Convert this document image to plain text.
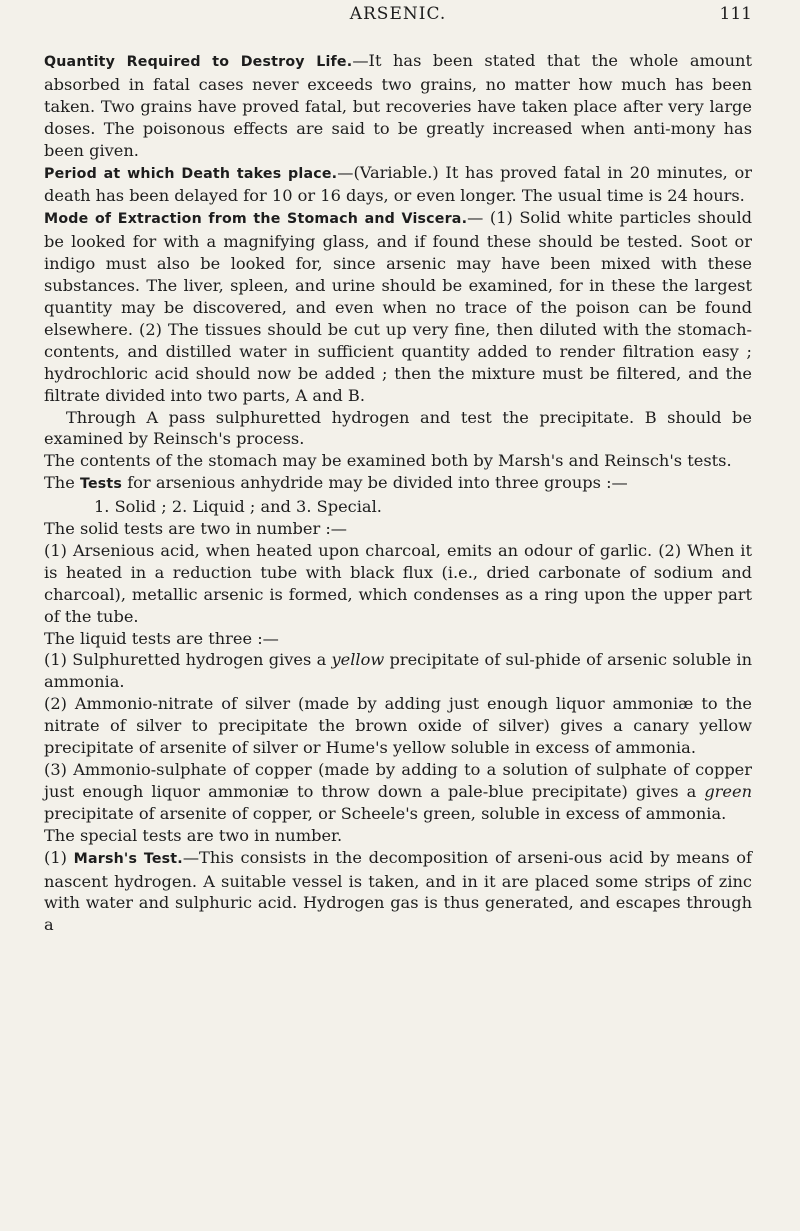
ARSENIC.	111

Quantity Required to Destroy Life.—It has been stated that the whole amount absorbed in fatal cases never exceeds two grains, no matter how much has been taken. Two grains have proved fatal, but recoveries have taken place after very large doses. The poisonous effects are said to be greatly increased when anti-mony has been given.

Period at which Death takes place.—(Variable.) It has proved fatal in 20 minutes, or death has been delayed for 10 or 16 days, or even longer. The usual time is 24 hours.

Mode of Extraction from the Stomach and Viscera.— (1) Solid white particles should be looked for with a magnifying glass, and if found these should be tested. Soot or indigo must also be looked for, since arsenic may have been mixed with these substances. The liver, spleen, and urine should be examined, for in these the largest quantity may be discovered, and even when no trace of the poison can be found elsewhere. (2) The tissues should be cut up very fine, then diluted with the stomach-contents, and distilled water in sufficient quantity added to render filtration easy ; hydrochloric acid should now be added ; then the mixture must be filtered, and the filtrate divided into two parts, A and B.

Through A pass sulphuretted hydrogen and test the precipitate. B should be examined by Reinsch's process.

The contents of the stomach may be examined both by Marsh's and Reinsch's tests.

The Tests for arsenious anhydride may be divided into three groups :—

1. Solid ; 2. Liquid ; and 3. Special.

The solid tests are two in number :—

(1) Arsenious acid, when heated upon charcoal, emits an odour of garlic. (2) When it is heated in a reduction tube with black flux (i.e., dried carbonate of sodium and charcoal), metallic arsenic is formed, which condenses as a ring upon the upper part of the tube.

The liquid tests are three :—

(1) Sulphuretted hydrogen gives a yellow precipitate of sul-phide of arsenic soluble in ammonia.

(2) Ammonio-nitrate of silver (made by adding just enough liquor ammoniæ to the nitrate of silver to precipitate the brown oxide of silver) gives a canary yellow precipitate of arsenite of silver or Hume's yellow soluble in excess of ammonia.

(3) Ammonio-sulphate of copper (made by adding to a solution of sulphate of copper just enough liquor ammoniæ to throw down a pale-blue precipitate) gives a green precipitate of arsenite of copper, or Scheele's green, soluble in excess of ammonia.

The special tests are two in number.

(1) Marsh's Test.—This consists in the decomposition of arseni-ous acid by means of nascent hydrogen. A suitable vessel is taken, and in it are placed some strips of zinc with water and sulphuric acid. Hydrogen gas is thus generated, and escapes through a
